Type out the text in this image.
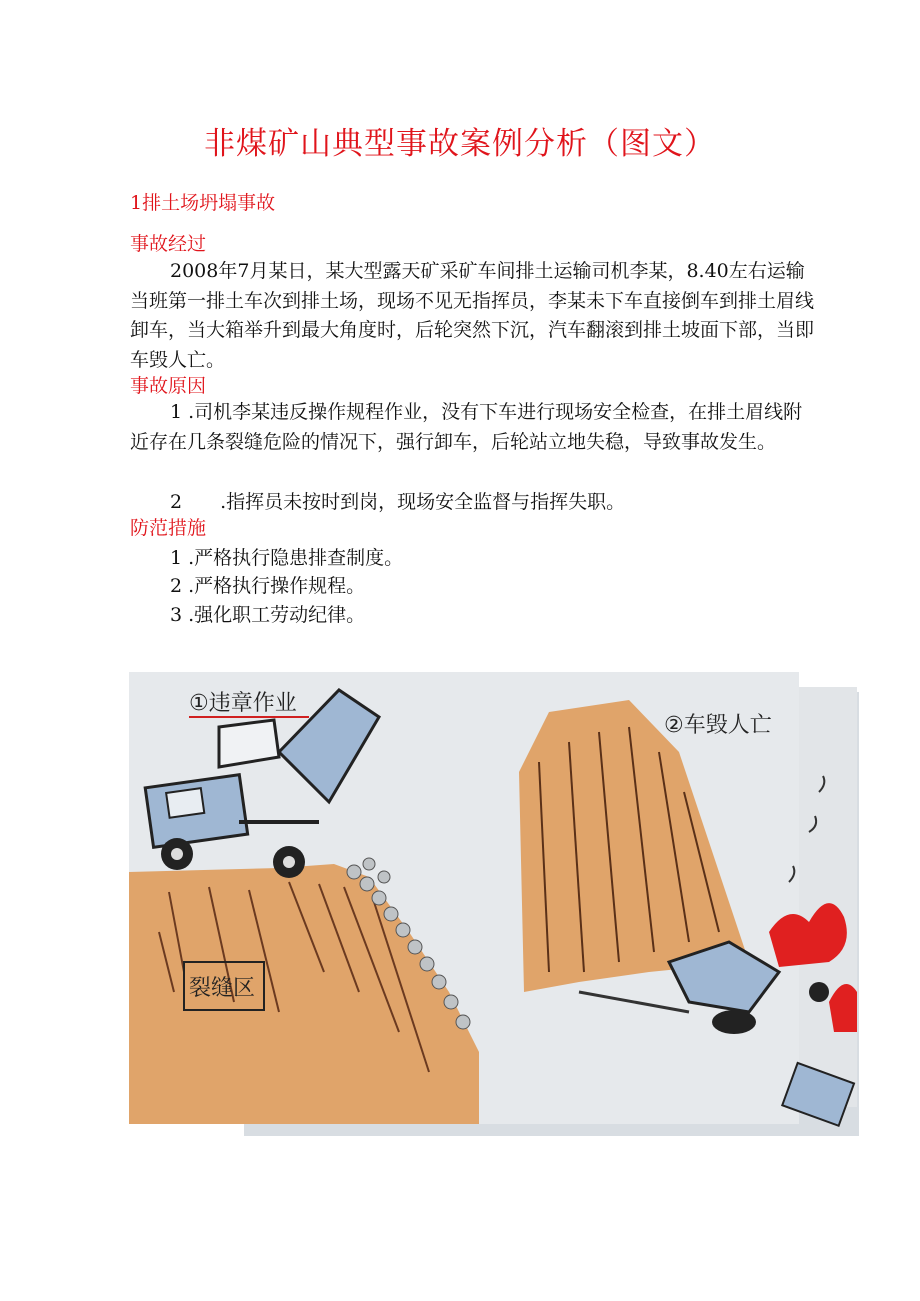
非煤矿山典型事故案例分析（图文）
1排土场坍塌事故
事故经过

2008年7月某日，某大型露天矿采矿车间排土运输司机李某，8.40左右运输当班第一排土车次到排土场，现场不见无指挥员，李某未下车直接倒车到排土眉线卸车，当大箱举升到最大角度时，后轮突然下沉，汽车翻滚到排土坡面下部，当即车毁人亡。

事故原因

1 .司机李某违反操作规程作业，没有下车进行现场安全检查，在排土眉线附近存在几条裂缝危险的情况下，强行卸车，后轮站立地失稳，导致事故发生。

2 .指挥员未按时到岗，现场安全监督与指挥失职。
防范措施
1 .严格执行隐患排查制度。
2 .严格执行操作规程。
3 .强化职工劳动纪律。
裂缝区
①违章作业
②车毁人亡
